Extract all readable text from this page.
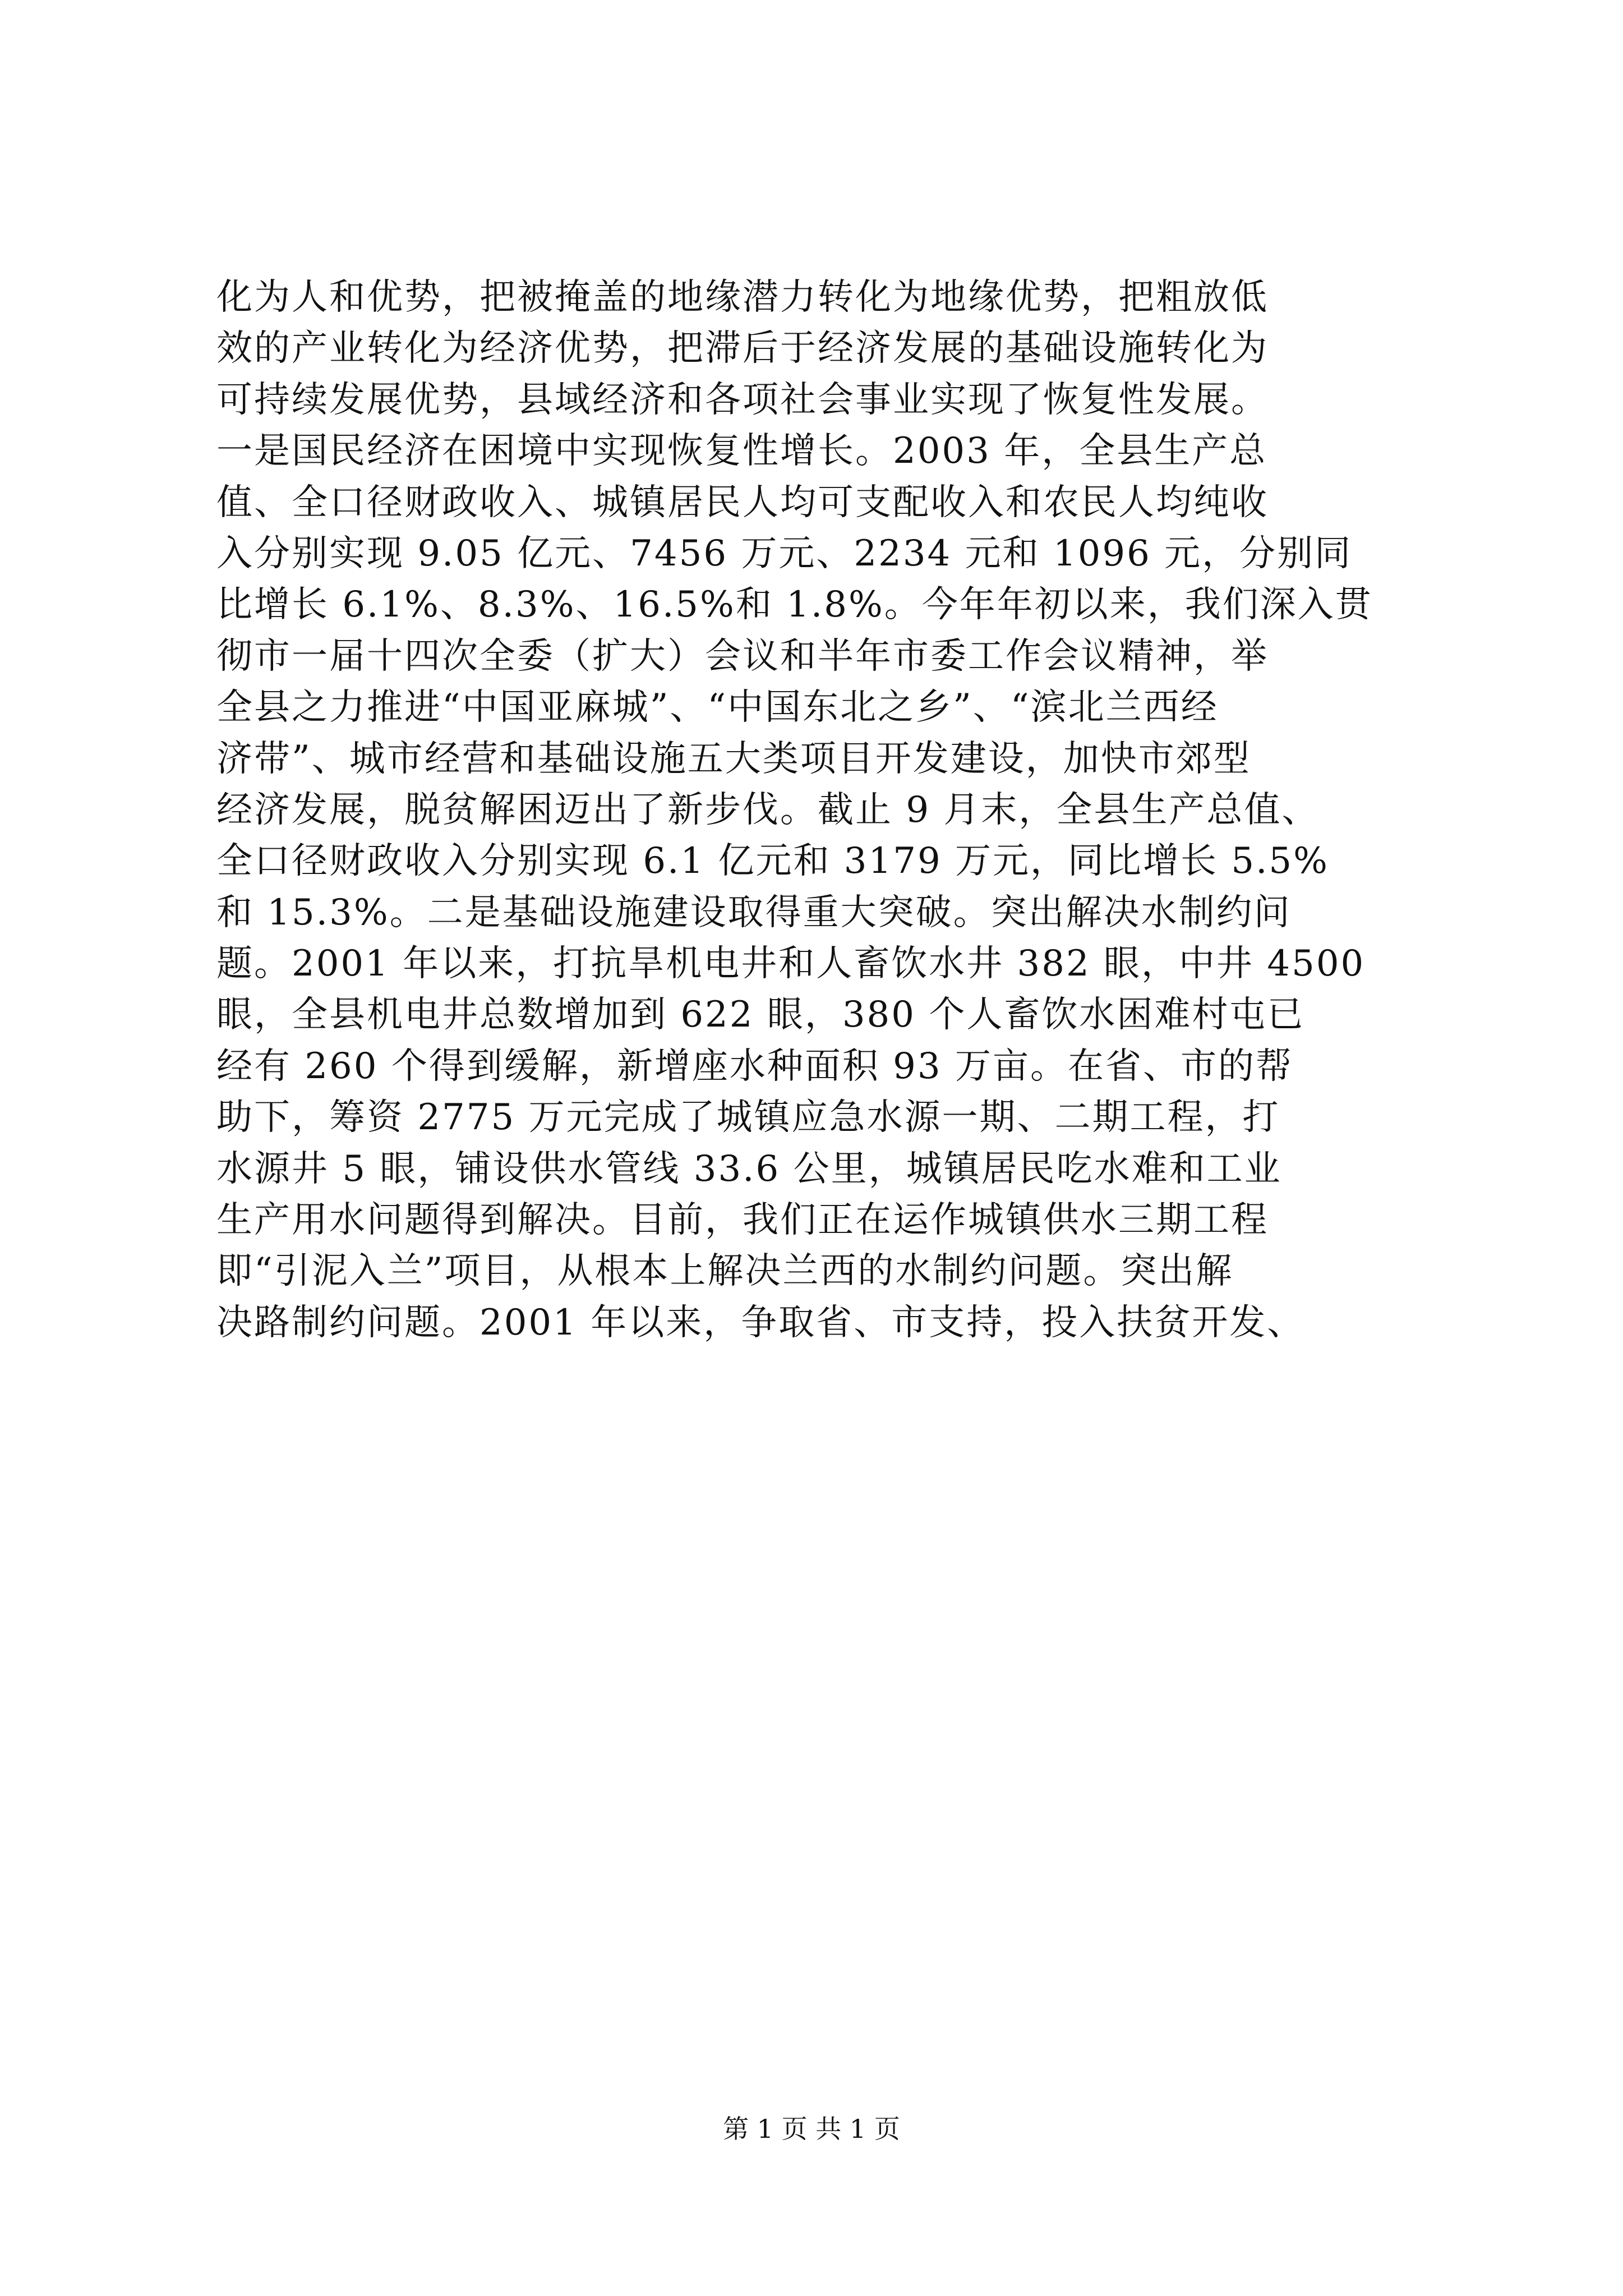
化为人和优势，把被掩盖的地缘潜力转化为地缘优势，把粗放低
效的产业转化为经济优势，把滞后于经济发展的基础设施转化为
可持续发展优势，县域经济和各项社会事业实现了恢复性发展。
一是国民经济在困境中实现恢复性增长。2003 年，全县生产总
值、全口径财政收入、城镇居民人均可支配收入和农民人均纯收
入分别实现 9.05 亿元、7456 万元、2234 元和 1096 元，分别同
比增长 6.1%、8.3%、16.5%和 1.8%。今年年初以来，我们深入贯
彻市一届十四次全委（扩大）会议和半年市委工作会议精神，举
全县之力推进“中国亚麻城”、“中国东北之乡”、“滨北兰西经
济带”、城市经营和基础设施五大类项目开发建设，加快市郊型
经济发展，脱贫解困迈出了新步伐。截止 9 月末，全县生产总值、
全口径财政收入分别实现 6.1 亿元和 3179 万元，同比增长 5.5%
和 15.3%。二是基础设施建设取得重大突破。突出解决水制约问
题。2001 年以来，打抗旱机电井和人畜饮水井 382 眼，中井 4500
眼，全县机电井总数增加到 622 眼，380 个人畜饮水困难村屯已
经有 260 个得到缓解，新增座水种面积 93 万亩。在省、市的帮
助下，筹资 2775 万元完成了城镇应急水源一期、二期工程，打
水源井 5 眼，铺设供水管线 33.6 公里，城镇居民吃水难和工业
生产用水问题得到解决。目前，我们正在运作城镇供水三期工程
即“引泥入兰”项目，从根本上解决兰西的水制约问题。突出解
决路制约问题。2001 年以来，争取省、市支持，投入扶贫开发、
第 1 页 共 1 页
